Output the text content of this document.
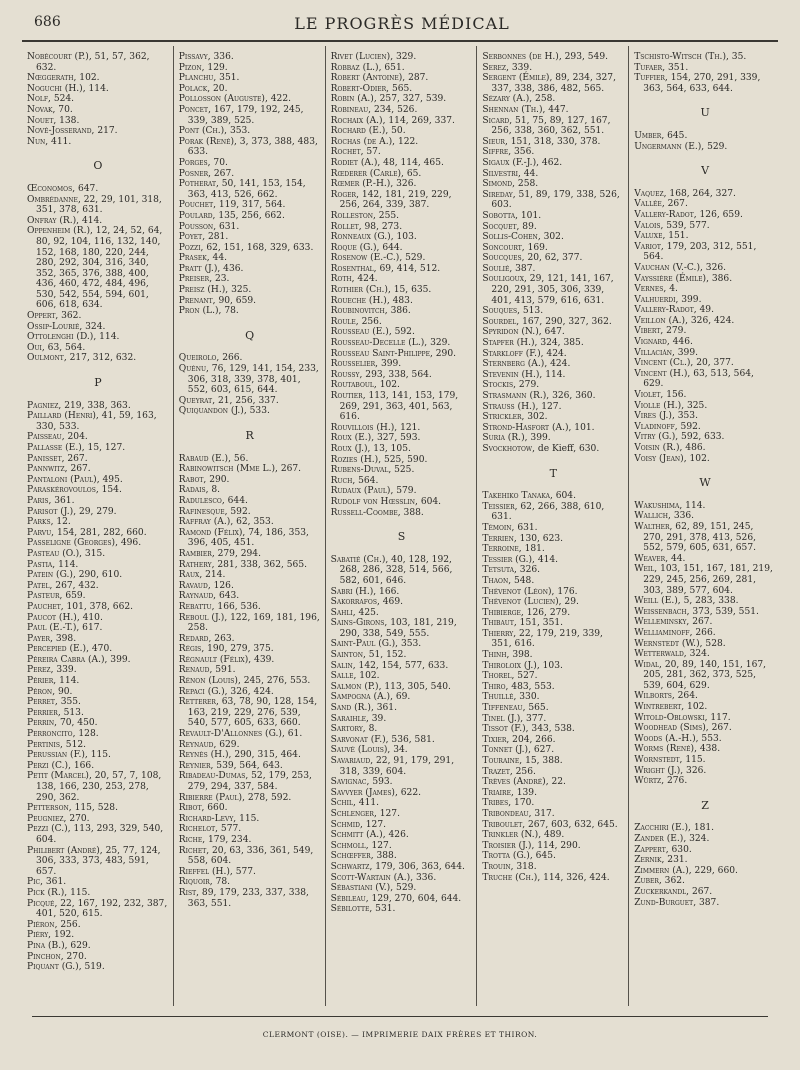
686	LE PROGRÈS MÉDICAL
Nobécourt (P.), 51, 57, 362, 632.
Nœggerath, 102.
Noguchi (H.), 114.
Nolf, 524.
Novak, 70.
Nouet, 138.
Nové-Josserand, 217.
Nun, 411.
O
Œconomos, 647.
Ombrédanne, 22, 29, 101, 318, 351, 378, 631.
Onfray (R.), 414.
Oppenheim (R.), 12, 24, 52, 64, 80, 92, 104, 116, 132, 140, 152, 168, 180, 220, 244, 280, 292, 304, 316, 340, 352, 365, 376, 388, 400, 436, 460, 472, 484, 496, 530, 542, 554, 594, 601, 606, 618, 634.
Oppert, 362.
Ossip-Lourié, 324.
Ottolenghi (D.), 114.
Oui, 63, 564.
Oulmont, 217, 312, 632.
P
Pagniez, 219, 338, 363.
Paillard (Henri), 41, 59, 163, 330, 533.
Paisseau, 204.
Pallasse (E.), 15, 127.
Panisset, 267.
Pannwitz, 267.
Pantaloni (Paul), 495.
Paraskérovoulos, 154.
Paris, 361.
Parisot (J.), 29, 279.
Parks, 12.
Parvu, 154, 281, 282, 660.
Passeligne (Georges), 496.
Pasteau (O.), 315.
Pastia, 114.
Patein (G.), 290, 610.
Patel, 267, 432.
Pasteur, 659.
Pauchet, 101, 378, 662.
Paucot (H.), 410.
Paul (E.-T.), 617.
Payer, 398.
Percepied (E.), 470.
Péreira Cabra (A.), 399.
Perez, 339.
Périer, 114.
Péron, 90.
Perret, 355.
Perrier, 513.
Perrin, 70, 450.
Perroncito, 128.
Pertinis, 512.
Perussian (F.), 115.
Perzi (C.), 166.
Petit (Marcel), 20, 57, 7, 108, 138, 166, 230, 253, 278, 290, 362.
Petterson, 115, 528.
Peugniez, 270.
Pezzi (C.), 113, 293, 329, 540, 604.
Philibert (André), 25, 77, 124, 306, 333, 373, 483, 591, 657.
Pic, 361.
Pick (R.), 115.
Picqué, 22, 167, 192, 232, 387, 401, 520, 615.
Piéron, 256.
Piéry, 192.
Pina (B.), 629.
Pinchon, 270.
Piquant (G.), 519.
Pissavy, 336.
Pizon, 129.
Planchu, 351.
Polack, 20.
Pollosson (Auguste), 422.
Poncet, 167, 179, 192, 245, 339, 389, 525.
Pont (Ch.), 353.
Porak (René), 3, 373, 388, 483, 633.
Porges, 70.
Posner, 267.
Potherat, 50, 141, 153, 154, 363, 413, 526, 662.
Pouchet, 119, 317, 564.
Poulard, 135, 256, 662.
Pousson, 631.
Poyet, 281.
Pozzi, 62, 151, 168, 329, 633.
Prasek, 44.
Pratt (J.), 436.
Preiser, 23.
Preisz (H.), 325.
Prenant, 90, 659.
Pron (L.), 78.
Q
Queirolo, 266.
Quénu, 76, 129, 141, 154, 233, 306, 318, 339, 378, 401, 552, 603, 615, 644.
Queyrat, 21, 256, 337.
Quiquandon (J.), 533.
R
Rabaud (E.), 56.
Rabinowitsch (Mme L.), 267.
Rabot, 290.
Radais, 8.
Radulesco, 644.
Rafinesque, 592.
Raffray (A.), 62, 353.
Ramond (Félix), 74, 186, 353, 396, 405, 451.
Rambier, 279, 294.
Rathery, 281, 338, 362, 565.
Raux, 214.
Ravaud, 126.
Raynaud, 643.
Rebattu, 166, 536.
Reboul (J.), 122, 169, 181, 196, 258.
Redard, 263.
Régis, 190, 279, 375.
Régnault (Félix), 439.
Renaud, 591.
Rénon (Louis), 245, 276, 553.
Repaci (G.), 326, 424.
Retterer, 63, 78, 90, 128, 154, 163, 219, 229, 276, 539, 540, 577, 605, 633, 660.
Revault-D'Allonnes (G.), 61.
Reynaud, 629.
Reynès (H.), 290, 315, 464.
Reynier, 539, 564, 643.
Ribadeau-Dumas, 52, 179, 253, 279, 294, 337, 584.
Ribierre (Paul), 278, 592.
Ribot, 660.
Richard-Levy, 115.
Richelot, 577.
Riche, 179, 234.
Richet, 20, 63, 336, 361, 549, 558, 604.
Rieffel (H.), 577.
Riquoir, 78.
Rist, 89, 179, 233, 337, 338, 363, 551.
Rivet (Lucien), 329.
Robbaz (L.), 651.
Robert (Antoine), 287.
Robert-Odier, 565.
Robin (A.), 257, 327, 539.
Robineau, 234, 526.
Rochaix (A.), 114, 269, 337.
Rochard (E.), 50.
Rochas (de A.), 122.
Rochet, 57.
Rodiet (A.), 48, 114, 465.
Rœderer (Carle), 65.
Rœmer (P.-H.), 326.
Roger, 142, 181, 219, 229, 256, 264, 339, 387.
Rolleston, 255.
Rollet, 98, 273.
Ronneaux (G.), 103.
Roque (G.), 644.
Rosenow (E.-C.), 529.
Rosenthal, 69, 414, 512.
Roth, 424.
Rothier (Ch.), 15, 635.
Roueche (H.), 483.
Roubinovitch, 386.
Roule, 256.
Rousseau (E.), 592.
Rousseau-Decelle (L.), 329.
Rousseau Saint-Philippe, 290.
Rousselier, 399.
Roussy, 293, 338, 564.
Routaboul, 102.
Routier, 113, 141, 153, 179, 269, 291, 363, 401, 563, 616.
Rouvillois (H.), 121.
Roux (E.), 327, 593.
Roux (J.), 13, 105.
Rozies (H.), 525, 590.
Rubens-Duval, 525.
Ruch, 564.
Rudaux (Paul), 579.
Rudolf von Hœsslin, 604.
Russell-Coombe, 388.
S
Sabatié (Ch.), 40, 128, 192, 268, 286, 328, 514, 566, 582, 601, 646.
Sabri (H.), 166.
Sakorrafos, 469.
Sahli, 425.
Sains-Girons, 103, 181, 219, 290, 338, 549, 555.
Saint-Paul (G.), 353.
Sainton, 51, 152.
Salin, 142, 154, 577, 633.
Salle, 102.
Salmon (P.), 113, 305, 540.
Sampogna (A.), 69.
Sand (R.), 361.
Saraihle, 39.
Sartory, 8.
Sarvonat (F.), 536, 581.
Sauvé (Louis), 34.
Savariaud, 22, 91, 179, 291, 318, 339, 604.
Savignac, 593.
Savvyer (James), 622.
Schil, 411.
Schlenger, 127.
Schmid, 127.
Schmitt (A.), 426.
Schmoll, 127.
Schœffer, 388.
Schwartz, 179, 306, 363, 644.
Scott-Wartain (A.), 336.
Sébastiani (V.), 529.
Sébileau, 129, 270, 604, 644.
Sébilotte, 531.
Serbonnes (de H.), 293, 549.
Serez, 339.
Sergent (Émile), 89, 234, 327, 337, 338, 386, 482, 565.
Sézary (A.), 258.
Shennan (Th.), 447.
Sicard, 51, 75, 89, 127, 167, 256, 338, 360, 362, 551.
Sieur, 151, 318, 330, 378.
Siffre, 356.
Sigaux (F.-J.), 462.
Silvestri, 44.
Simond, 258.
Sireday, 51, 89, 179, 338, 526, 603.
Sobotta, 101.
Socquet, 89.
Sollis-Cohen, 302.
Soncourt, 169.
Soucques, 20, 62, 377.
Soulié, 387.
Souligoux, 29, 121, 141, 167, 220, 291, 305, 306, 339, 401, 413, 579, 616, 631.
Souques, 513.
Sourdel, 167, 290, 327, 362.
Spyridon (N.), 647.
Stapfer (H.), 324, 385.
Starkloff (F.), 424.
Sternberg (A.), 424.
Stevenin (H.), 114.
Stockis, 279.
Strasmann (R.), 326, 360.
Strauss (H.), 127.
Strickler, 302.
Strond-Hasfort (A.), 101.
Suria (R.), 399.
Svockhotow, de Kieff, 630.
T
Takehiko Tanaka, 604.
Teissier, 62, 266, 388, 610, 631.
Témoin, 631.
Terrien, 130, 623.
Terroine, 181.
Tessier (G.), 414.
Tetsuta, 326.
Thaon, 548.
Thévenot (Léon), 176.
Thévenot (Lucien), 29.
Thibierge, 126, 279.
Thibaut, 151, 351.
Thierry, 22, 179, 219, 339, 351, 616.
Thinh, 398.
Thiroloix (J.), 103.
Thorel, 527.
Thiro, 483, 553.
Thuillé, 330.
Tiffeneau, 565.
Tinel (J.), 377.
Tissot (F.), 343, 538.
Tixier, 204, 266.
Tonnet (J.), 627.
Touraine, 15, 388.
Trazet, 256.
Trèves (André), 22.
Triaire, 139.
Tribes, 170.
Tribondeau, 317.
Triboulet, 267, 603, 632, 645.
Trinkler (N.), 489.
Troisier (J.), 114, 290.
Trotta (G.), 645.
Trouin, 318.
Truche (Ch.), 114, 326, 424.
Tschisto-Witsch (Th.), 35.
Tufaer, 351.
Tuffier, 154, 270, 291, 339, 363, 564, 633, 644.
U
Umber, 645.
Ungermann (E.), 529.
V
Vaquez, 168, 264, 327.
Vallée, 267.
Vallery-Radot, 126, 659.
Valois, 539, 577.
Valuxe, 151.
Variot, 179, 203, 312, 551, 564.
Vauchan (V.-C.), 326.
Vayssière (Émile), 386.
Vernes, 4.
Valhuerdi, 399.
Vallery-Radot, 49.
Veillon (A.), 326, 424.
Vibert, 279.
Vignard, 446.
Villacián, 399.
Vincent (Cl.), 20, 377.
Vincent (H.), 63, 513, 564, 629.
Violet, 156.
Violle (H.), 325.
Vires (J.), 353.
Vladinoff, 592.
Vitry (G.), 592, 633.
Voisin (R.), 486.
Voisy (Jean), 102.
W
Wakushima, 114.
Wallich, 336.
Walther, 62, 89, 151, 245, 270, 291, 378, 413, 526, 552, 579, 605, 631, 657.
Weaver, 44.
Weil, 103, 151, 167, 181, 219, 229, 245, 256, 269, 281, 303, 389, 577, 604.
Weill (E.), 5, 283, 338.
Weissenbach, 373, 539, 551.
Welleminsky, 267.
Welliaminoff, 266.
Wernstedt (W.), 528.
Wetterwald, 324.
Widal, 20, 89, 140, 151, 167, 205, 281, 362, 373, 525, 539, 604, 629.
Wilborts, 264.
Wintrebert, 102.
Witold-Oblowski, 117.
Woodhead (Sims), 267.
Woods (A.-H.), 553.
Worms (René), 438.
Wornstedt, 115.
Wright (J.), 326.
Würtz, 276.
Z
Zacchiri (E.), 181.
Zander (E.), 324.
Zappert, 630.
Zernik, 231.
Zimmern (A.), 229, 660.
Zuber, 362.
Zuckerkandl, 267.
Zund-Burguet, 387.
CLERMONT (OISE). — IMPRIMERIE DAIX FRÈRES ET THIRON.
